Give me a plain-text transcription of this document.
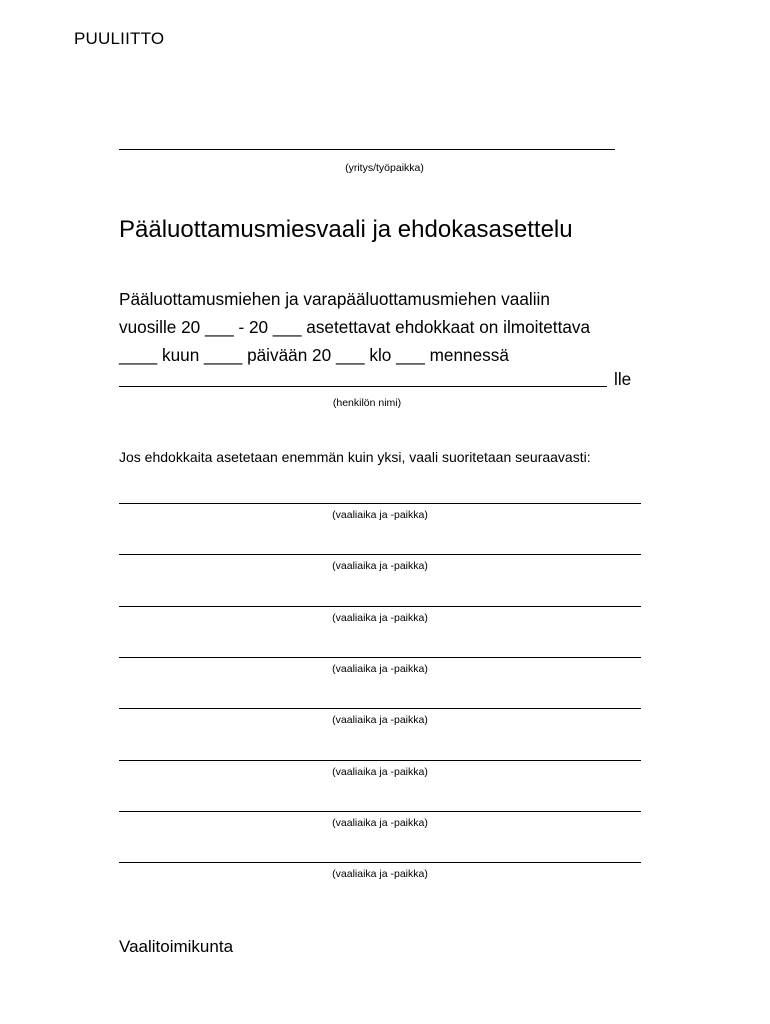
PUULIITTO
(yritys/työpaikka)
Pääluottamusmiesvaali ja ehdokasasettelu
Pääluottamusmiehen ja varapääluottamusmiehen vaaliin
vuosille 20 ___ - 20 ___ asetettavat ehdokkaat on ilmoitettava
____ kuun ____ päivään 20 ___ klo ___ mennessä
lle
(henkilön nimi)
Jos ehdokkaita asetetaan enemmän kuin yksi, vaali suoritetaan seuraavasti:
(vaaliaika ja -paikka)
(vaaliaika ja -paikka)
(vaaliaika ja -paikka)
(vaaliaika ja -paikka)
(vaaliaika ja -paikka)
(vaaliaika ja -paikka)
(vaaliaika ja -paikka)
(vaaliaika ja -paikka)
Vaalitoimikunta
